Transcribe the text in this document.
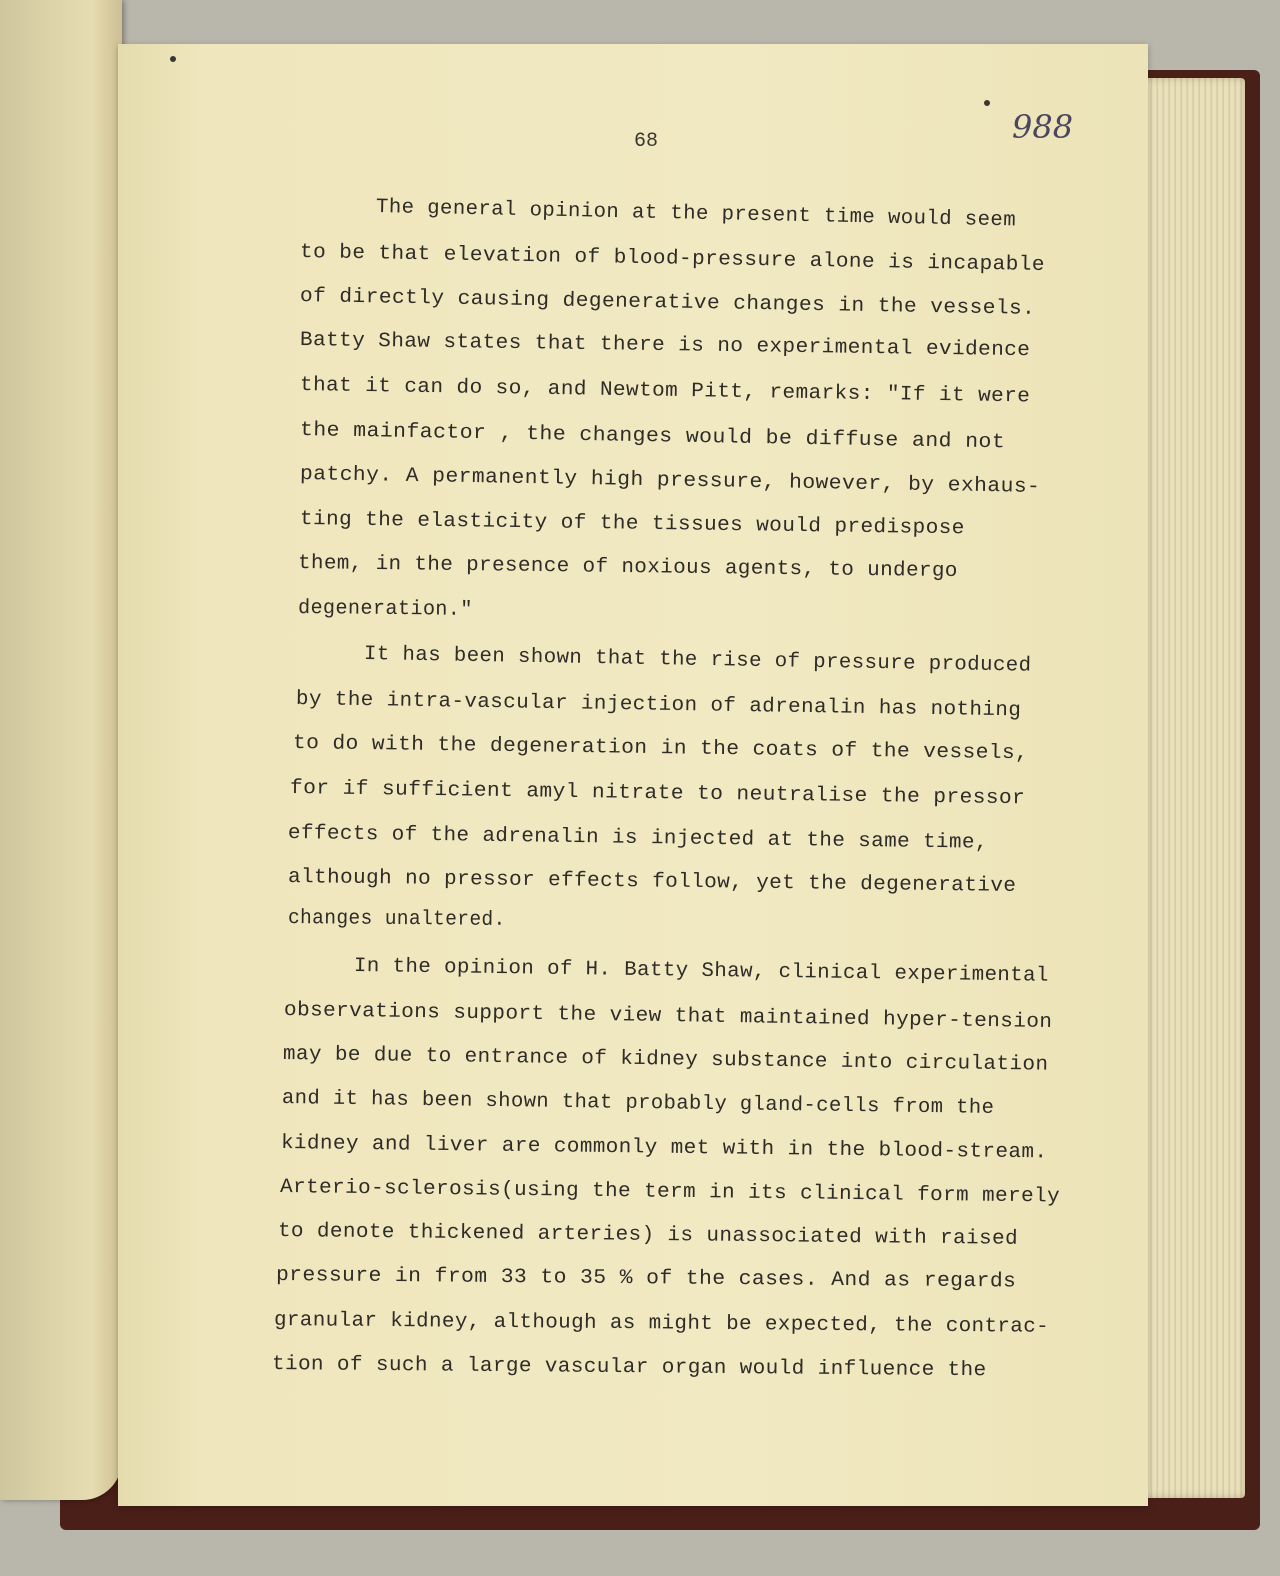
68	988
The general opinion at the present time would seem
to be that elevation of blood-pressure alone is incapable
of directly causing degenerative changes in the vessels.
Batty Shaw states that there is no experimental evidence
that it can do so, and Newtom Pitt, remarks: "If it were
the mainfactor , the changes would be diffuse and not
patchy. A permanently high pressure, however, by exhaus-
ting the elasticity of the tissues would predispose
them, in the presence of noxious agents, to undergo
degeneration."
It has been shown that the rise of pressure produced
by the intra-vascular injection of adrenalin has nothing
to do with the degeneration in the coats of the vessels,
for if sufficient amyl nitrate to neutralise the pressor
effects of the adrenalin is injected at the same time,
although no pressor effects follow, yet the degenerative
changes unaltered.
In the opinion of H. Batty Shaw, clinical experimental
observations support the view that maintained hyper-tension
may be due to entrance of kidney substance into circulation
and it has been shown that probably gland-cells from the
kidney and liver are commonly met with in the blood-stream.
Arterio-sclerosis(using the term in its clinical form merely
to denote thickened arteries) is unassociated with raised
pressure in from 33 to 35 % of the cases. And as regards
granular kidney, although as might be expected, the contrac-
tion of such a large vascular organ would influence the
